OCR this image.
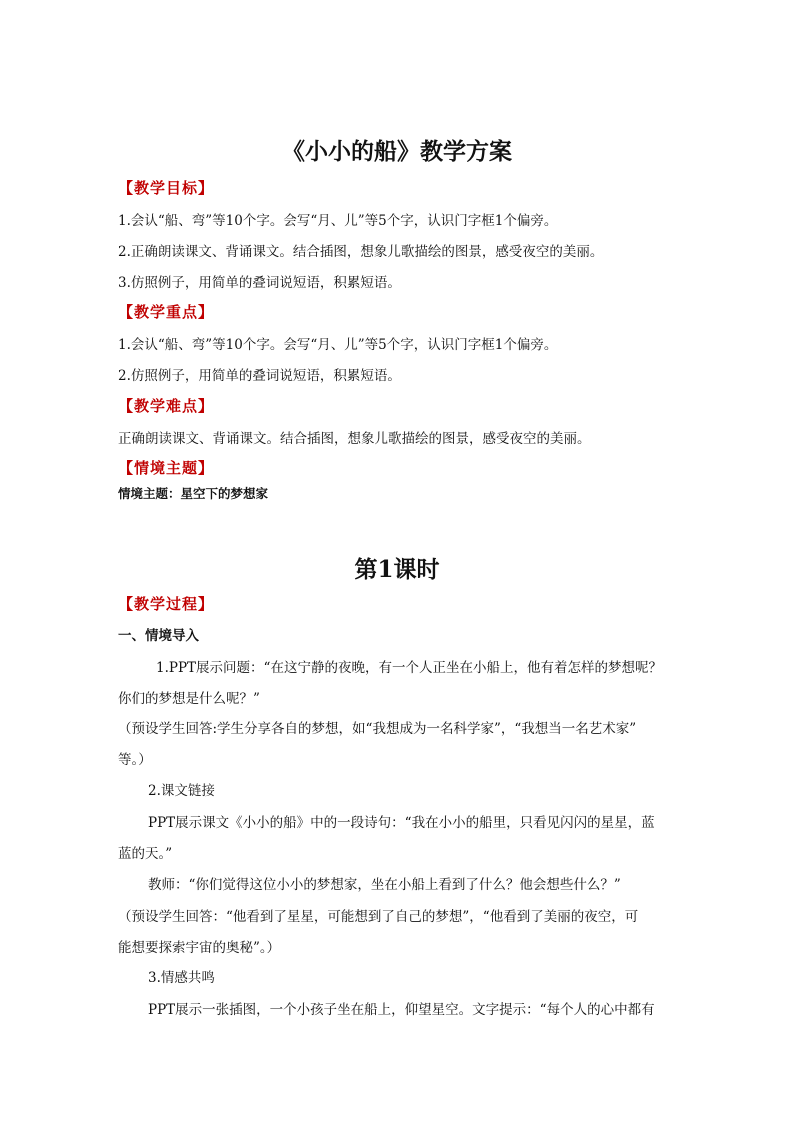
《小小的船》教学方案
【教学目标】
1.会认“船、弯”等10个字。会写“月、儿”等5个字，认识门字框1个偏旁。
2.正确朗读课文、背诵课文。结合插图，想象儿歌描绘的图景，感受夜空的美丽。
3.仿照例子，用简单的叠词说短语，积累短语。
【教学重点】
1.会认“船、弯”等10个字。会写“月、儿”等5个字，认识门字框1个偏旁。
2.仿照例子，用简单的叠词说短语，积累短语。
【教学难点】
正确朗读课文、背诵课文。结合插图，想象儿歌描绘的图景，感受夜空的美丽。
【情境主题】
情境主题：星空下的梦想家
第1课时
【教学过程】
一、情境导入
1.PPT展示问题：“在这宁静的夜晚，有一个人正坐在小船上，他有着怎样的梦想呢？
你们的梦想是什么呢？”
（预设学生回答:学生分享各自的梦想，如“我想成为一名科学家”，“我想当一名艺术家”
等。）
2.课文链接
PPT展示课文《小小的船》中的一段诗句：“我在小小的船里，只看见闪闪的星星，蓝
蓝的天。”
教师：“你们觉得这位小小的梦想家，坐在小船上看到了什么？他会想些什么？”
（预设学生回答：“他看到了星星，可能想到了自己的梦想”，“他看到了美丽的夜空，可
能想要探索宇宙的奥秘”。）
3.情感共鸣
PPT展示一张插图，一个小孩子坐在船上，仰望星空。文字提示：“每个人的心中都有
